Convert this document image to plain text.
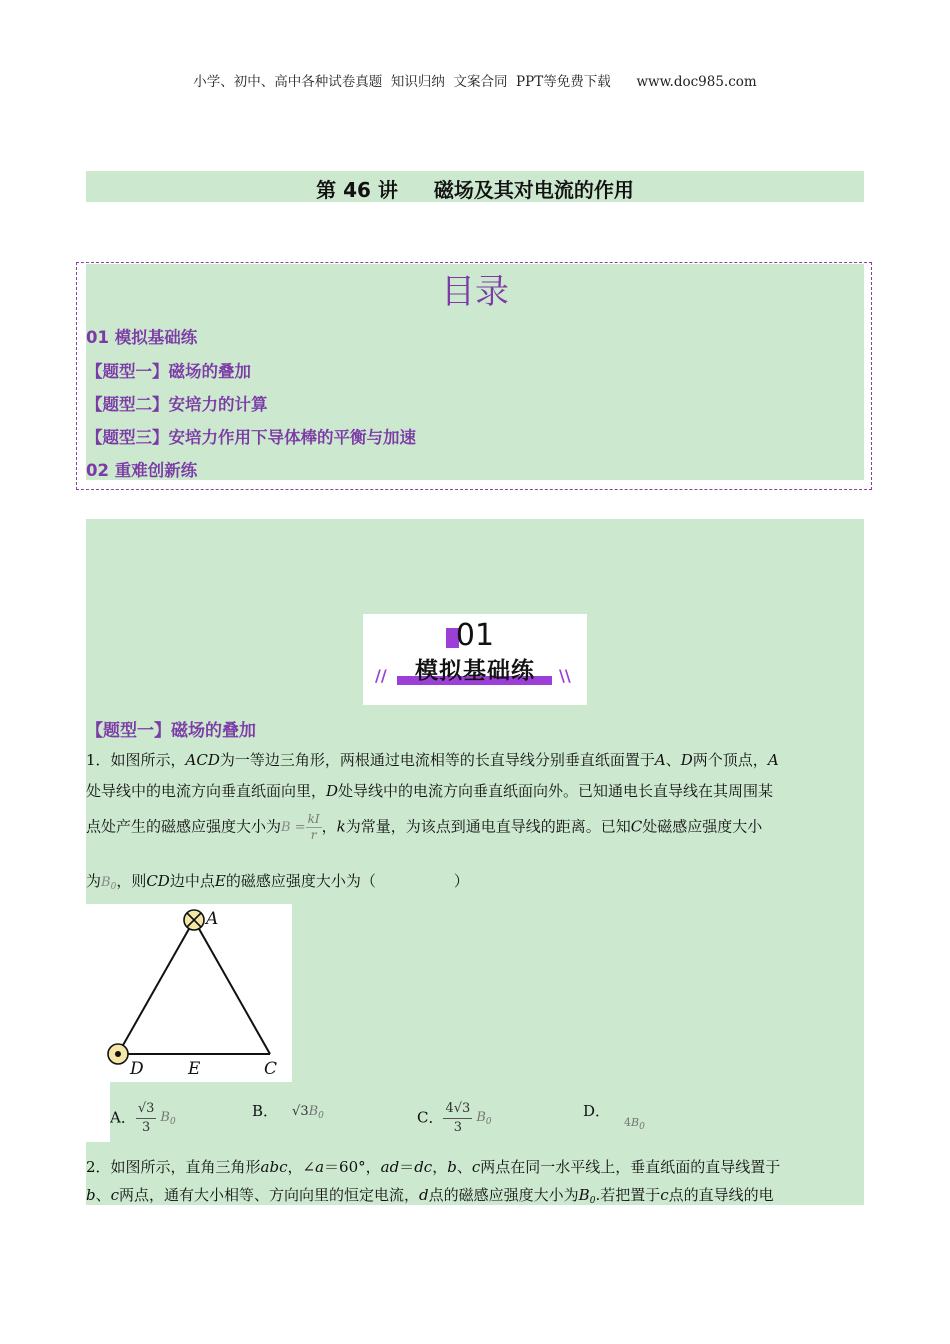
小学、初中、高中各种试卷真题  知识归纳  文案合同  PPT等免费下载      www.doc985.com
第 46 讲 磁场及其对电流的作用
目录
01 模拟基础练
【题型一】磁场的叠加
【题型二】安培力的计算
【题型三】安培力作用下导体棒的平衡与加速
02 重难创新练
01
模拟基础练
//	\\
【题型一】磁场的叠加
1．如图所示，ACD为一等边三角形，两根通过电流相等的长直导线分别垂直纸面置于A、D两个顶点，A
处导线中的电流方向垂直纸面向里，D处导线中的电流方向垂直纸面向外。已知通电长直导线在其周围某
点处产生的磁感应强度大小为$B = \frac{kI}{r}$ ，k为常量，为该点到通电直导线的距离。已知C处磁感应强度大小
为$B_0$，则CD边中点E的磁感应强度大小为（	）
A
D	E	C
A． $\frac{√3}{3} B_0$
B． $√3B_0$	C． $\frac{4√3}{3} B_0$
D．$4B_0$
2．如图所示，直角三角形abc，∠a＝60°，ad＝dc，b、c两点在同一水平线上，垂直纸面的直导线置于
b、c两点，通有大小相等、方向向里的恒定电流，d点的磁感应强度大小为$B_0$.若把置于c点的直导线的电
